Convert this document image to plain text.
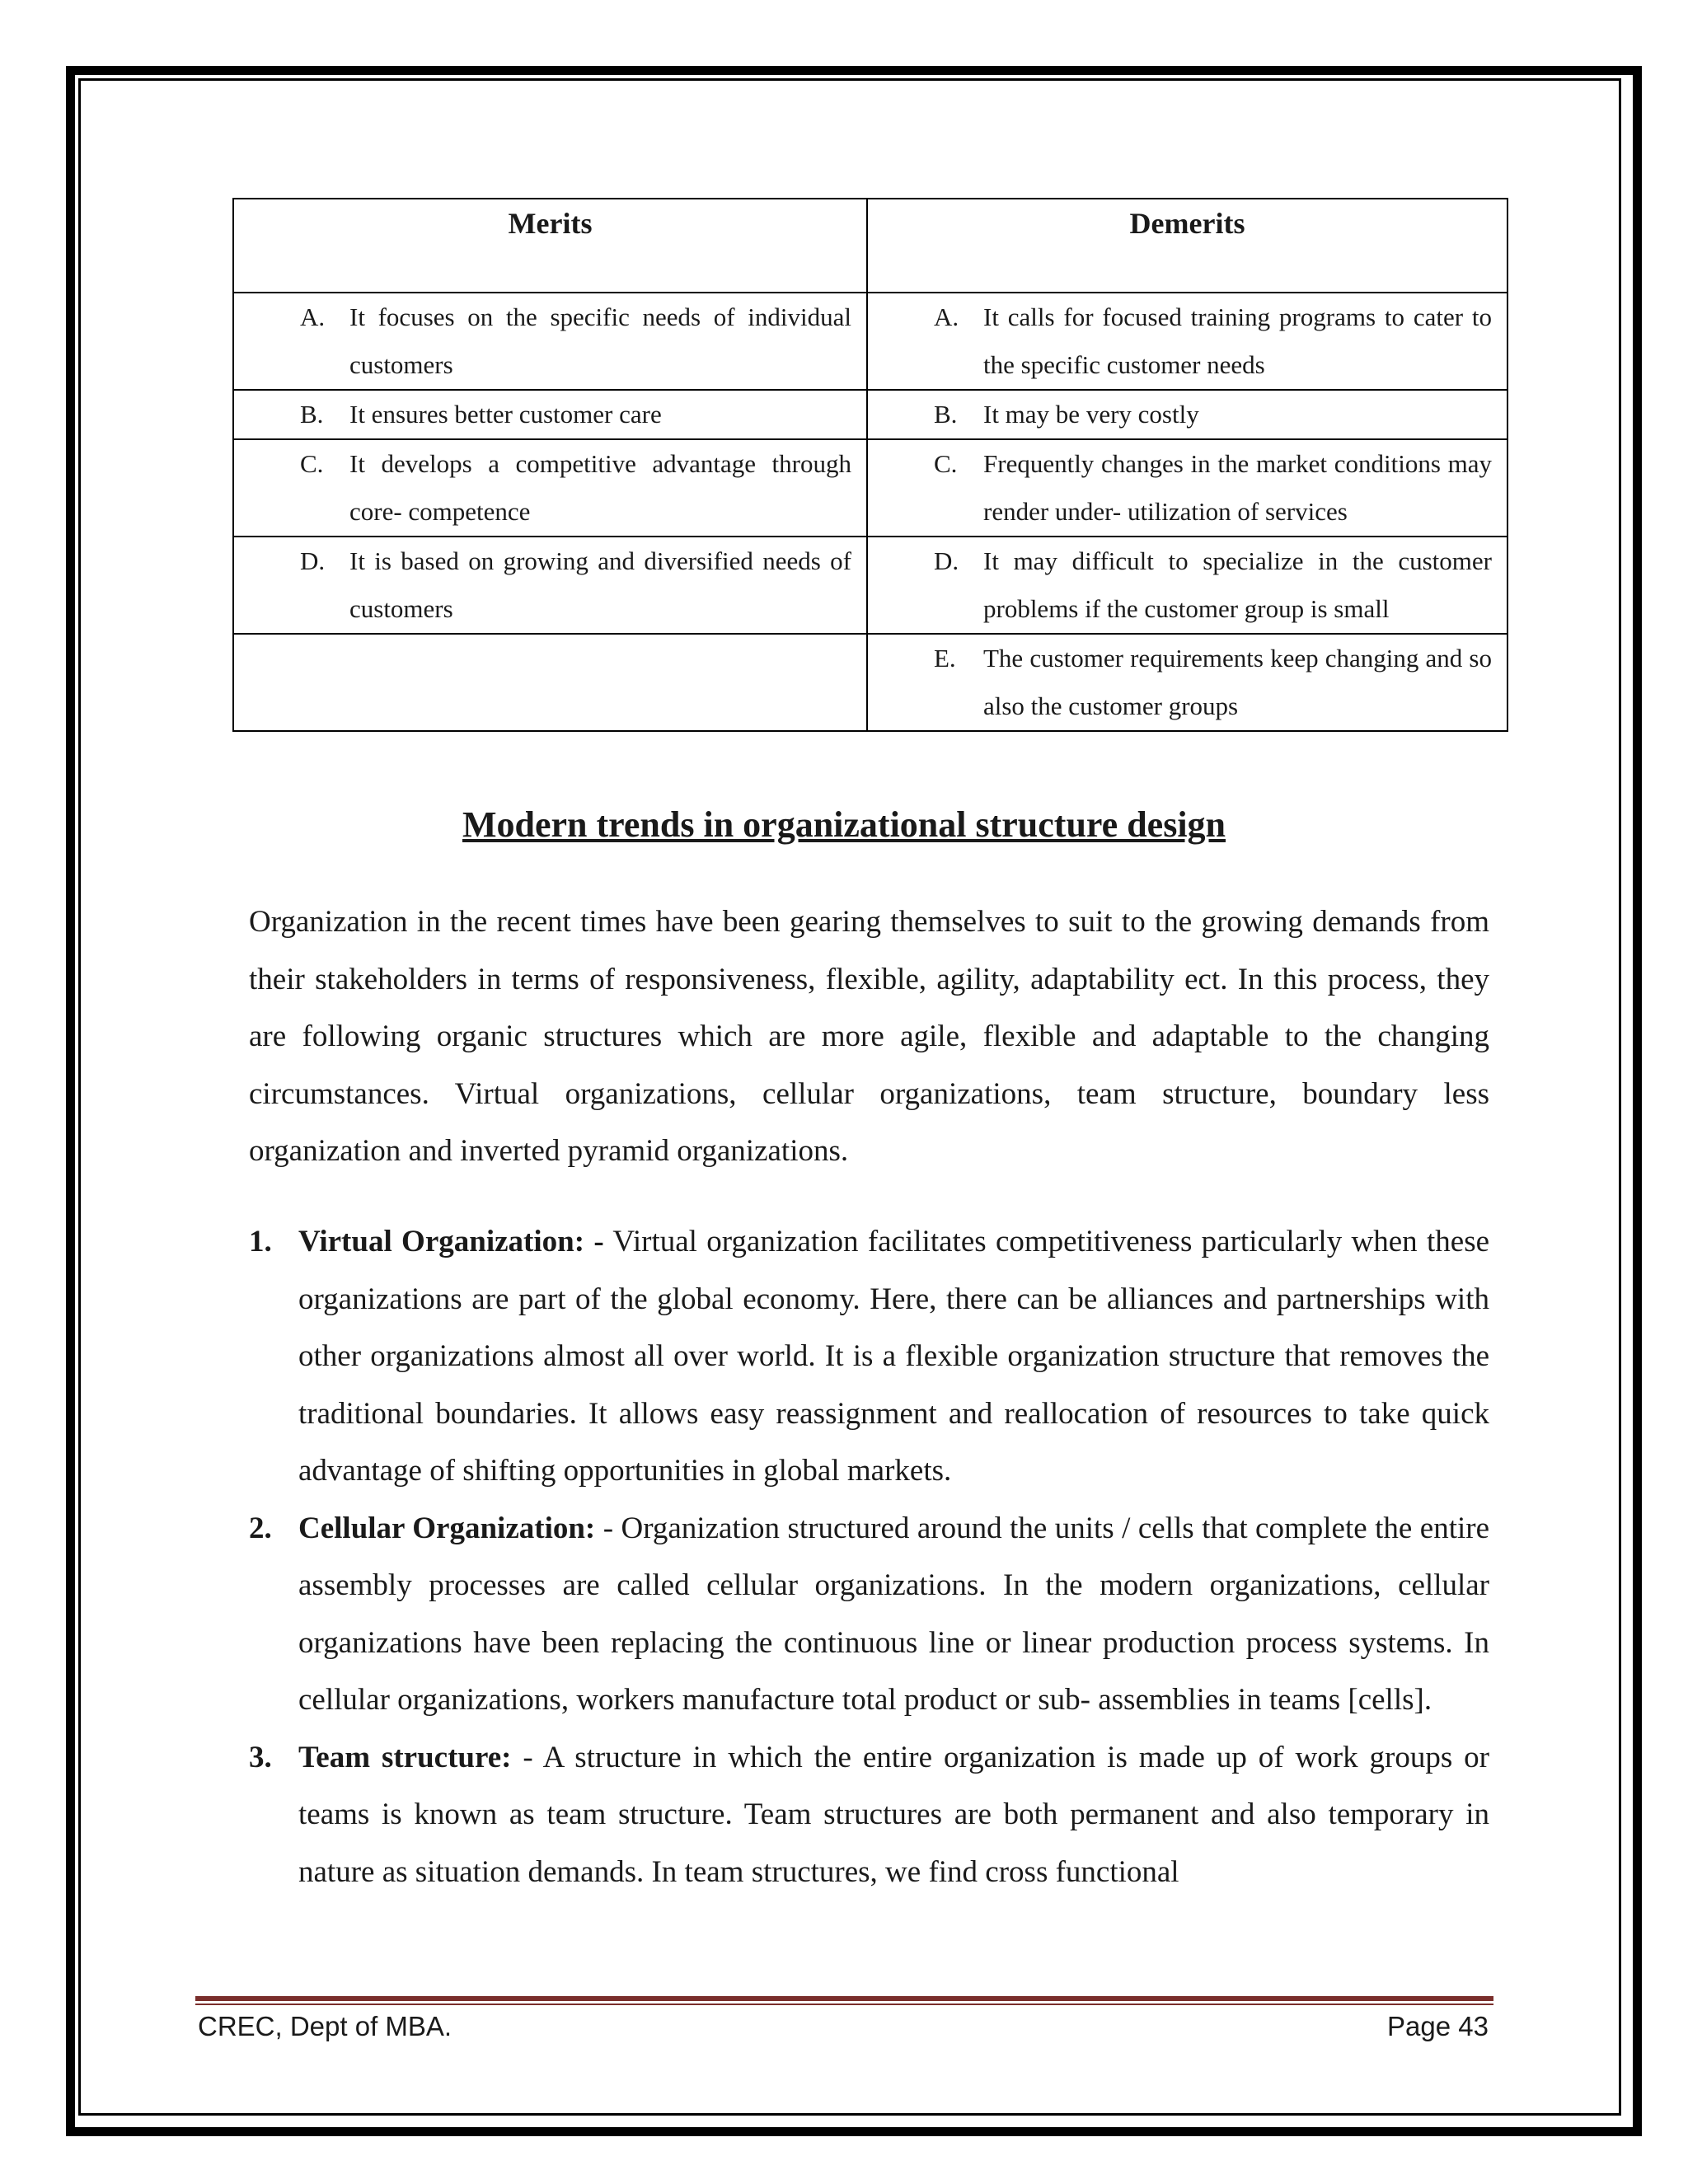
Merits	Demerits

A. It focuses on the specific needs of individual customers	A. It calls for focused training programs to cater to the specific customer needs

B. It ensures better customer care	B. It may be very costly

C. It develops a competitive advantage through core- competence	C. Frequently changes in the market conditions may render under- utilization of services

D. It is based on growing and diversified needs of customers	D. It may difficult to specialize in the customer problems if the customer group is small

	E. The customer requirements keep changing and so also the customer groups
Modern trends in organizational structure design

Organization in the recent times have been gearing themselves to suit to the growing demands from their stakeholders in terms of responsiveness, flexible, agility, adaptability ect. In this process, they are following organic structures which are more agile, flexible and adaptable to the changing circumstances. Virtual organizations, cellular organizations, team structure, boundary less organization and inverted pyramid organizations.

1. Virtual Organization: - Virtual organization facilitates competitiveness particularly when these organizations are part of the global economy. Here, there can be alliances and partnerships with other organizations almost all over world. It is a flexible organization structure that removes the traditional boundaries. It allows easy reassignment and reallocation of resources to take quick advantage of shifting opportunities in global markets.
2. Cellular Organization: - Organization structured around the units / cells that complete the entire assembly processes are called cellular organizations. In the modern organizations, cellular organizations have been replacing the continuous line or linear production process systems. In cellular organizations, workers manufacture total product or sub- assemblies in teams [cells].
3. Team structure: - A structure in which the entire organization is made up of work groups or teams is known as team structure. Team structures are both permanent and also temporary in nature as situation demands. In team structures, we find cross functional
CREC, Dept of MBA.	Page 43
